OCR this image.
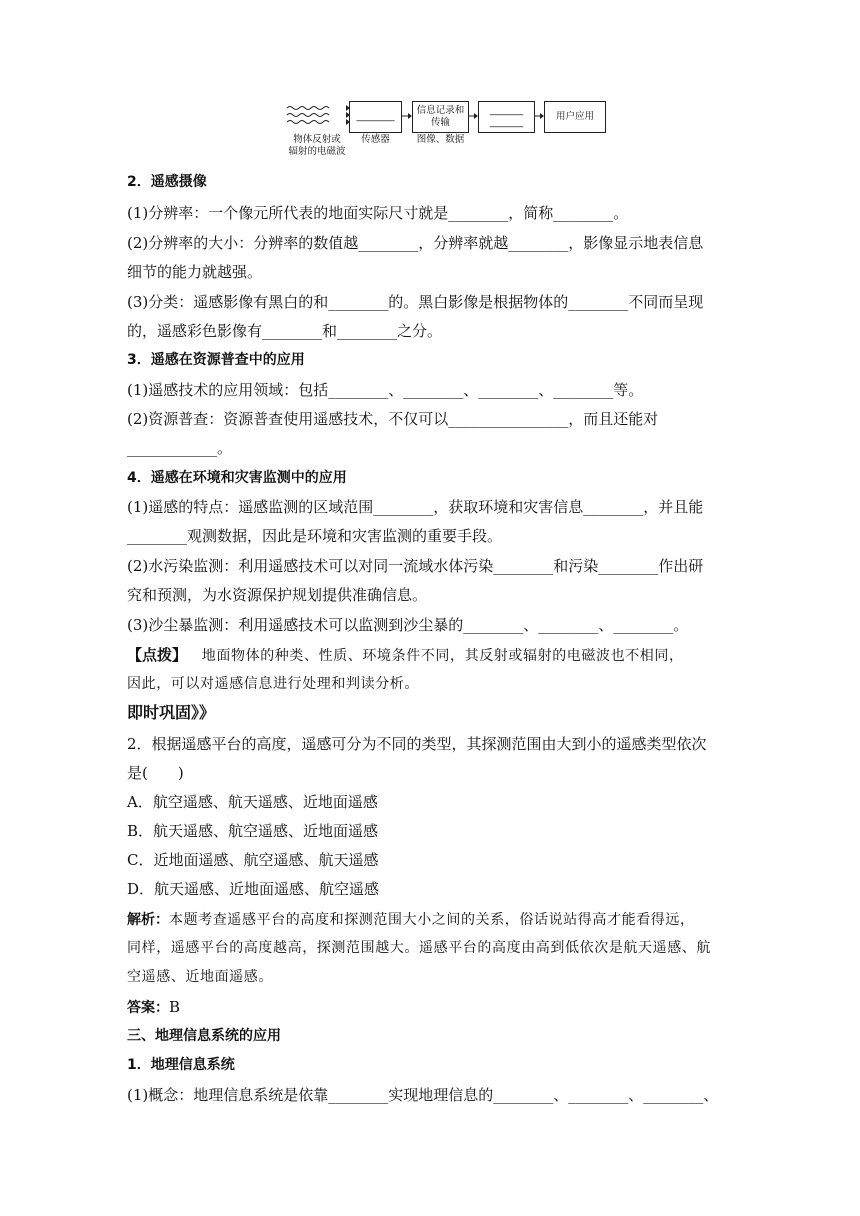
________
信息记录和
传输
_______
_______
用户应用
物体反射或
辐射的电磁波
传感器	图像、数据
2．遥感摄像
(1)分辨率：一个像元所代表的地面实际尺寸就是________，简称________。
(2)分辨率的大小：分辨率的数值越________，分辨率就越________，影像显示地表信息
细节的能力就越强。
(3)分类：遥感影像有黑白的和________的。黑白影像是根据物体的________不同而呈现
的，遥感彩色影像有________和________之分。
3．遥感在资源普查中的应用
(1)遥感技术的应用领域：包括________、________、________、________等。
(2)资源普查：资源普查使用遥感技术，不仅可以________________，而且还能对
____________。
4．遥感在环境和灾害监测中的应用
(1)遥感的特点：遥感监测的区域范围________，获取环境和灾害信息________，并且能
________观测数据，因此是环境和灾害监测的重要手段。
(2)水污染监测：利用遥感技术可以对同一流域水体污染________和污染________作出研
究和预测，为水资源保护规划提供准确信息。
(3)沙尘暴监测：利用遥感技术可以监测到沙尘暴的________、________、________。
【点拨】 地面物体的种类、性质、环境条件不同，其反射或辐射的电磁波也不相同，
因此，可以对遥感信息进行处理和判读分析。
即时巩固》》
2．根据遥感平台的高度，遥感可分为不同的类型，其探测范围由大到小的遥感类型依次
是(　　)
A．航空遥感、航天遥感、近地面遥感
B．航天遥感、航空遥感、近地面遥感
C．近地面遥感、航空遥感、航天遥感
D．航天遥感、近地面遥感、航空遥感
解析：本题考查遥感平台的高度和探测范围大小之间的关系，俗话说站得高才能看得远，
同样，遥感平台的高度越高，探测范围越大。遥感平台的高度由高到低依次是航天遥感、航
空遥感、近地面遥感。
答案：B
三、地理信息系统的应用
1．地理信息系统
(1)概念：地理信息系统是依靠________实现地理信息的________、________、________、
